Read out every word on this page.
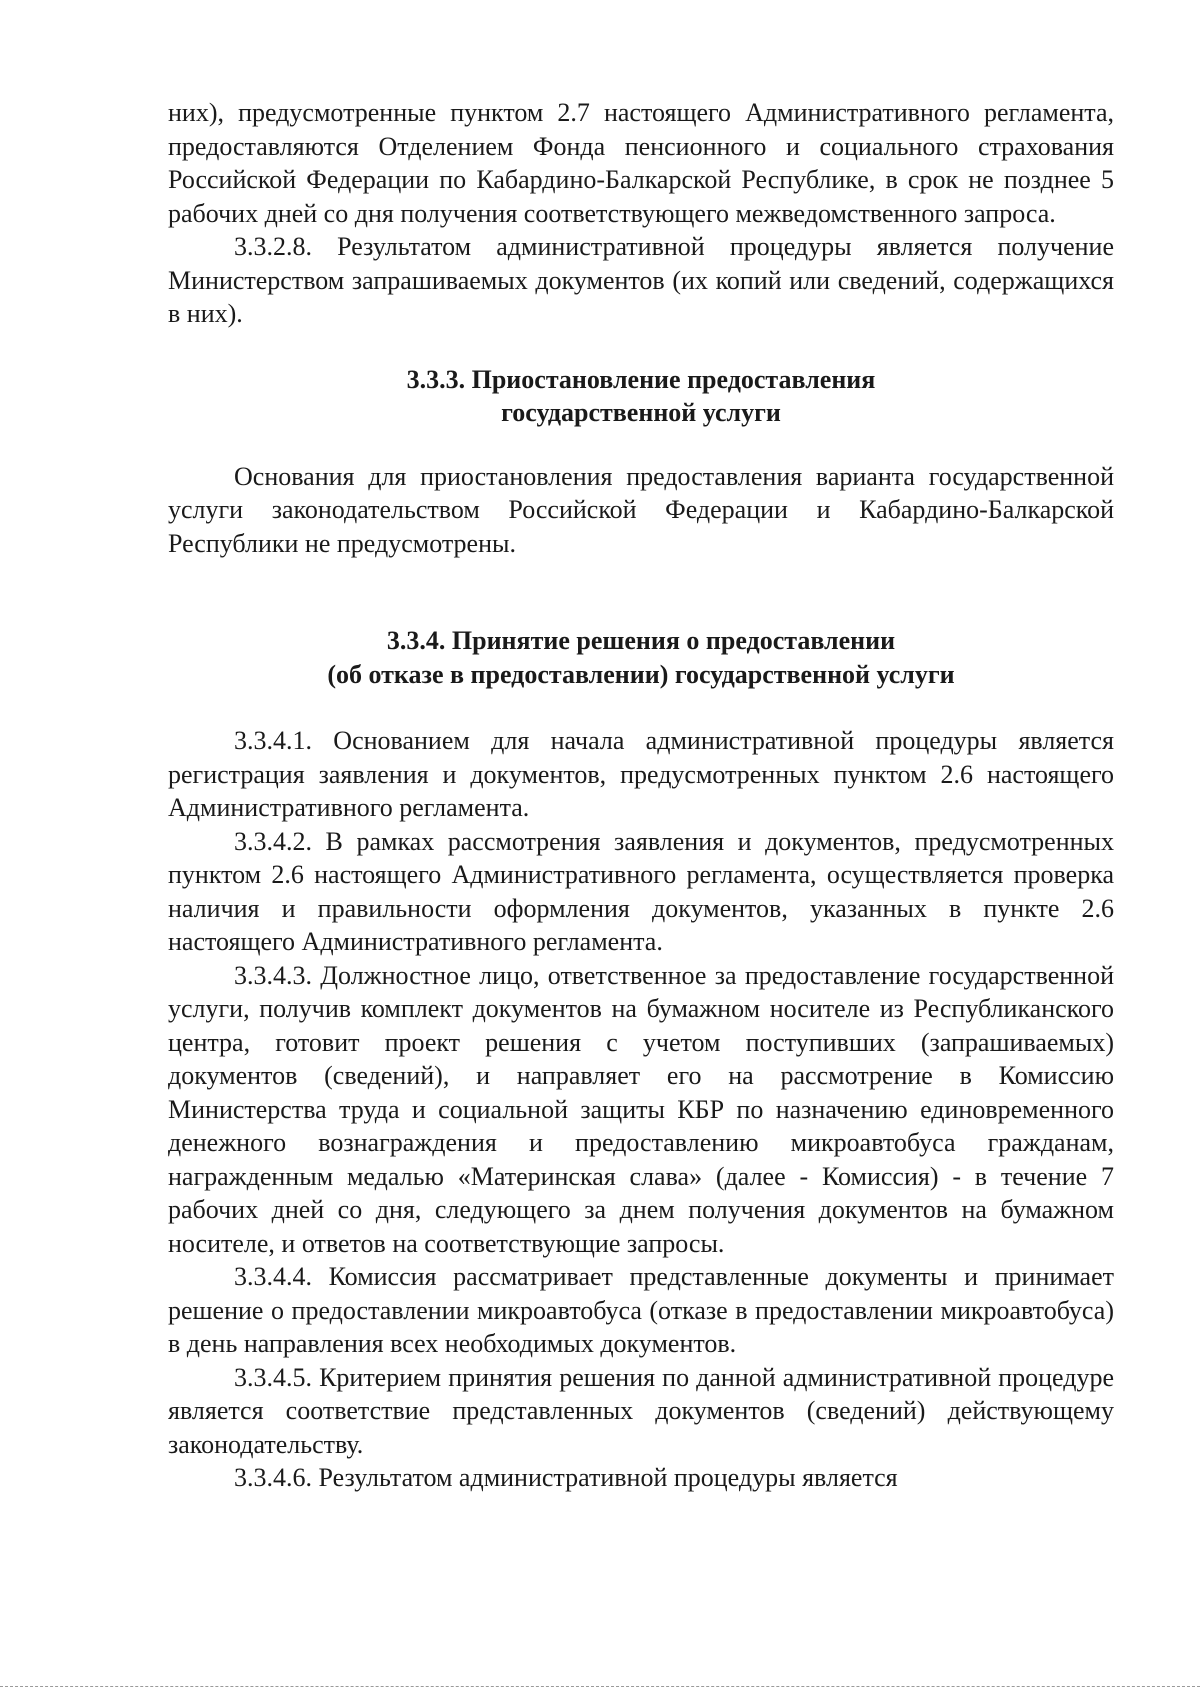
них), предусмотренные пунктом 2.7 настоящего Административного регламента, предоставляются Отделением Фонда пенсионного и социального страхования Российской Федерации по Кабардино-Балкарской Республике, в срок не позднее 5 рабочих дней со дня получения соответствующего межведомственного запроса.

3.3.2.8. Результатом административной процедуры является получение Министерством запрашиваемых документов (их копий или сведений, содержащихся в них).

3.3.3. Приостановление предоставления
государственной услуги

Основания для приостановления предоставления варианта государственной услуги законодательством Российской Федерации и Кабардино-Балкарской Республики не предусмотрены.

3.3.4. Принятие решения о предоставлении
(об отказе в предоставлении) государственной услуги

3.3.4.1. Основанием для начала административной процедуры является регистрация заявления и документов, предусмотренных пунктом 2.6 настоящего Административного регламента.

3.3.4.2. В рамках рассмотрения заявления и документов, предусмотренных пунктом 2.6 настоящего Административного регламента, осуществляется проверка наличия и правильности оформления документов, указанных в пункте 2.6 настоящего Административного регламента.

3.3.4.3. Должностное лицо, ответственное за предоставление государственной услуги, получив комплект документов на бумажном носителе из Республиканского центра, готовит проект решения с учетом поступивших (запрашиваемых) документов (сведений), и направляет его на рассмотрение в Комиссию Министерства труда и социальной защиты КБР по назначению единовременного денежного вознаграждения и предоставлению микроавтобуса гражданам, награжденным медалью «Материнская слава» (далее - Комиссия) - в течение 7 рабочих дней со дня, следующего за днем получения документов на бумажном носителе, и ответов на соответствующие запросы.

3.3.4.4. Комиссия рассматривает представленные документы и принимает решение о предоставлении микроавтобуса (отказе в предоставлении микроавтобуса) в день направления всех необходимых документов.

3.3.4.5. Критерием принятия решения по данной административной процедуре является соответствие представленных документов (сведений) действующему законодательству.

3.3.4.6. Результатом административной процедуры является
